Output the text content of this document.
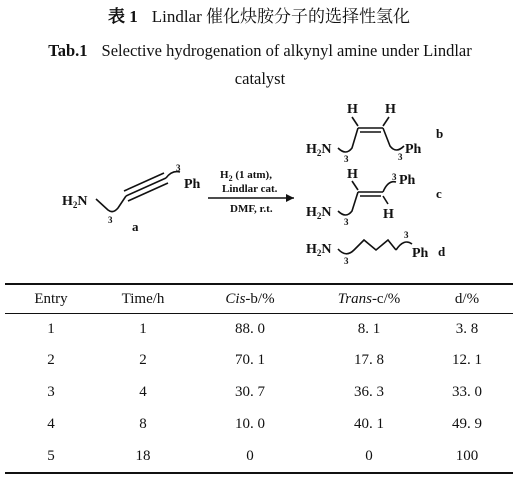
表 1 Lindlar 催化炔胺分子的选择性氢化
Tab.1 Selective hydrogenation of alkynyl amine under Lindlar catalyst
$H_2N$
3
3
Ph
a
$H_2$ (1 atm),
Lindlar cat.
DMF, r.t.
H H
$H_2N$
3	3 Ph
b
H	3 Ph
$H_2N$
3 H
c
$H_2N$
3
3
Ph d
Entry	Time/h	Cis-b/%	Trans-c/%	d/%
1	1	88. 0	8. 1	3. 8
2	2	70. 1	17. 8	12. 1
3	4	30. 7	36. 3	33. 0
4	8	10. 0	40. 1	49. 9
5	18	0	0	100
